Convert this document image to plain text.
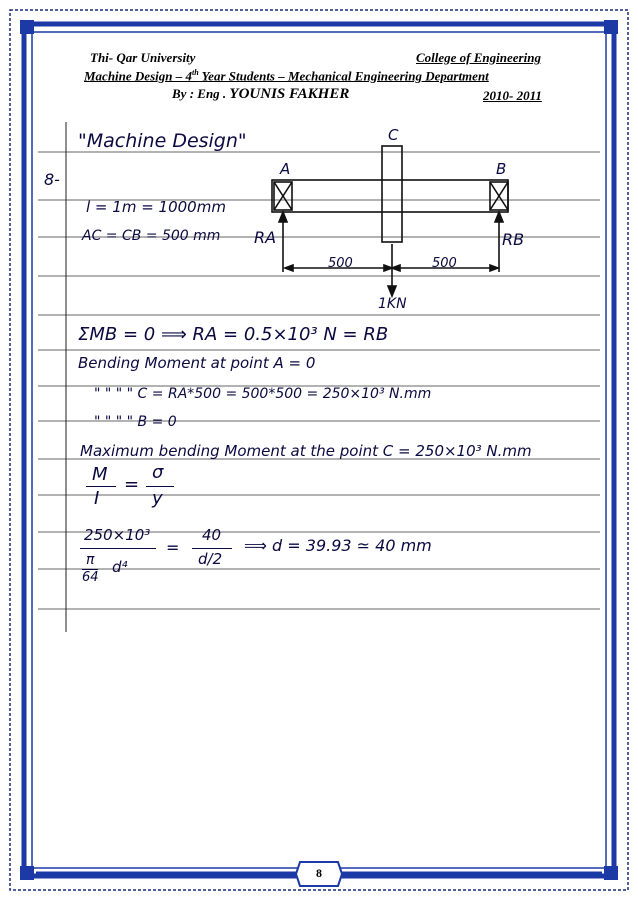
Thi- Qar University	College of Engineering
Machine Design – 4th Year Students – Mechanical Engineering Department
By : Eng . YOUNIS FAKHER	2010- 2011
"Machine Design"
8-
l = 1m = 1000mm
AC = CB = 500 mm
C
A	B
RA	RB
500	500
1KN
ΣMB = 0 ⟹ RA = 0.5×10³ N = RB
Bending Moment at point A = 0
" " " " C = RA*500 = 500*500 = 250×10³ N.mm
" " " " B = 0
Maximum bending Moment at the point C = 250×10³ N.mm
M
I
=
σ
y
250×10³
π
64
d⁴
=
40
d/2
⟹ d = 39.93 ≃ 40 mm
8
